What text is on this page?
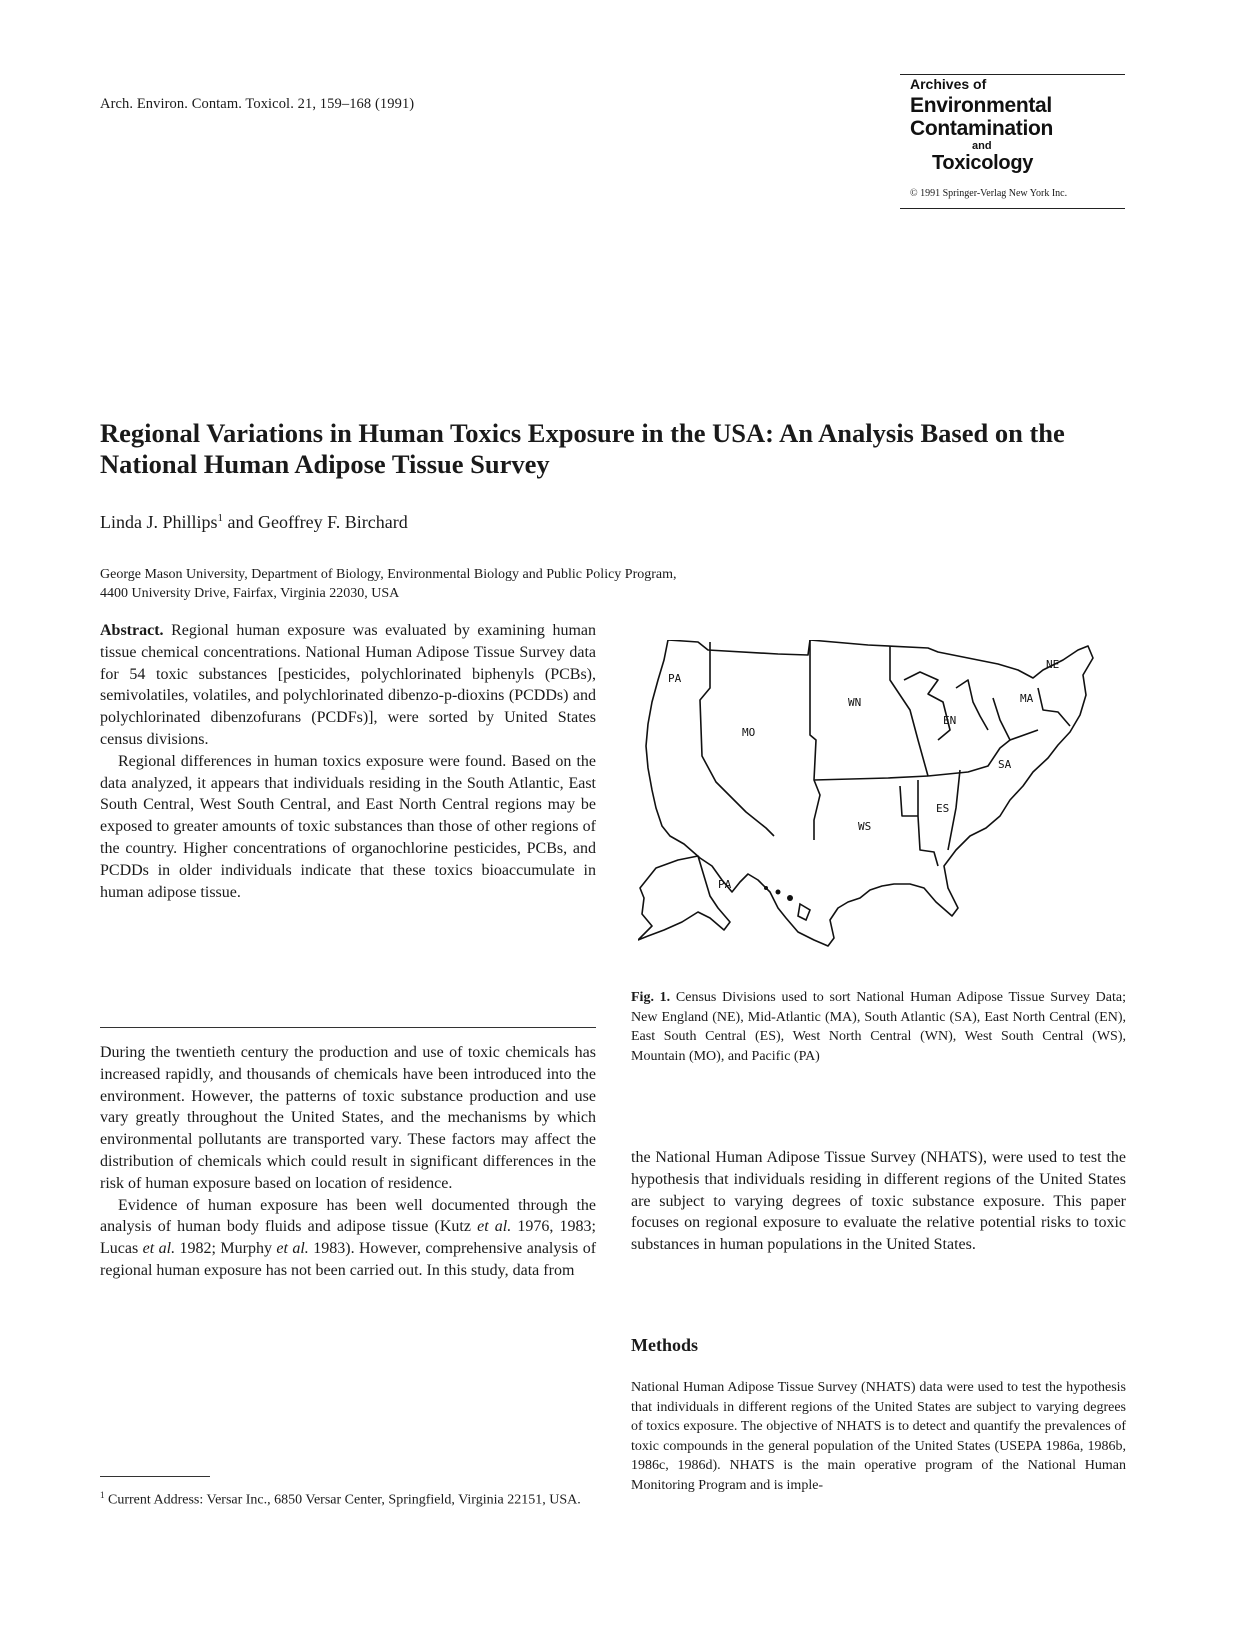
Arch. Environ. Contam. Toxicol. 21, 159–168 (1991)
Archives of
Environmental
Contamination
and
Toxicology
© 1991 Springer-Verlag New York Inc.
Regional Variations in Human Toxics Exposure in the USA: An Analysis Based on the National Human Adipose Tissue Survey
Linda J. Phillips$^1$ and Geoffrey F. Birchard
George Mason University, Department of Biology, Environmental Biology and Public Policy Program,
4400 University Drive, Fairfax, Virginia 22030, USA

Abstract. Regional human exposure was evaluated by examining human tissue chemical concentrations. National Human Adipose Tissue Survey data for 54 toxic substances [pesticides, polychlorinated biphenyls (PCBs), semivolatiles, volatiles, and polychlorinated dibenzo-p-dioxins (PCDDs) and polychlorinated dibenzofurans (PCDFs)], were sorted by United States census divisions.

Regional differences in human toxics exposure were found. Based on the data analyzed, it appears that individuals residing in the South Atlantic, East South Central, West South Central, and East North Central regions may be exposed to greater amounts of toxic substances than those of other regions of the country. Higher concentrations of organochlorine pesticides, PCBs, and PCDDs in older individuals indicate that these toxics bioaccumulate in human adipose tissue.

During the twentieth century the production and use of toxic chemicals has increased rapidly, and thousands of chemicals have been introduced into the environment. However, the patterns of toxic substance production and use vary greatly throughout the United States, and the mechanisms by which environmental pollutants are transported vary. These factors may affect the distribution of chemicals which could result in significant differences in the risk of human exposure based on location of residence.

Evidence of human exposure has been well documented through the analysis of human body fluids and adipose tissue (Kutz et al. 1976, 1983; Lucas et al. 1982; Murphy et al. 1983). However, comprehensive analysis of regional human exposure has not been carried out. In this study, data from

$^1$ Current Address: Versar Inc., 6850 Versar Center, Springfield, Virginia 22151, USA.
PA
MO
WN
EN
NE
MA
SA
ES
WS
PA
Fig. 1. Census Divisions used to sort National Human Adipose Tissue Survey Data; New England (NE), Mid-Atlantic (MA), South Atlantic (SA), East North Central (EN), East South Central (ES), West North Central (WN), West South Central (WS), Mountain (MO), and Pacific (PA)
the National Human Adipose Tissue Survey (NHATS), were used to test the hypothesis that individuals residing in different regions of the United States are subject to varying degrees of toxic substance exposure. This paper focuses on regional exposure to evaluate the relative potential risks to toxic substances in human populations in the United States.
Methods
National Human Adipose Tissue Survey (NHATS) data were used to test the hypothesis that individuals in different regions of the United States are subject to varying degrees of toxics exposure. The objective of NHATS is to detect and quantify the prevalences of toxic compounds in the general population of the United States (USEPA 1986a, 1986b, 1986c, 1986d). NHATS is the main operative program of the National Human Monitoring Program and is imple-
